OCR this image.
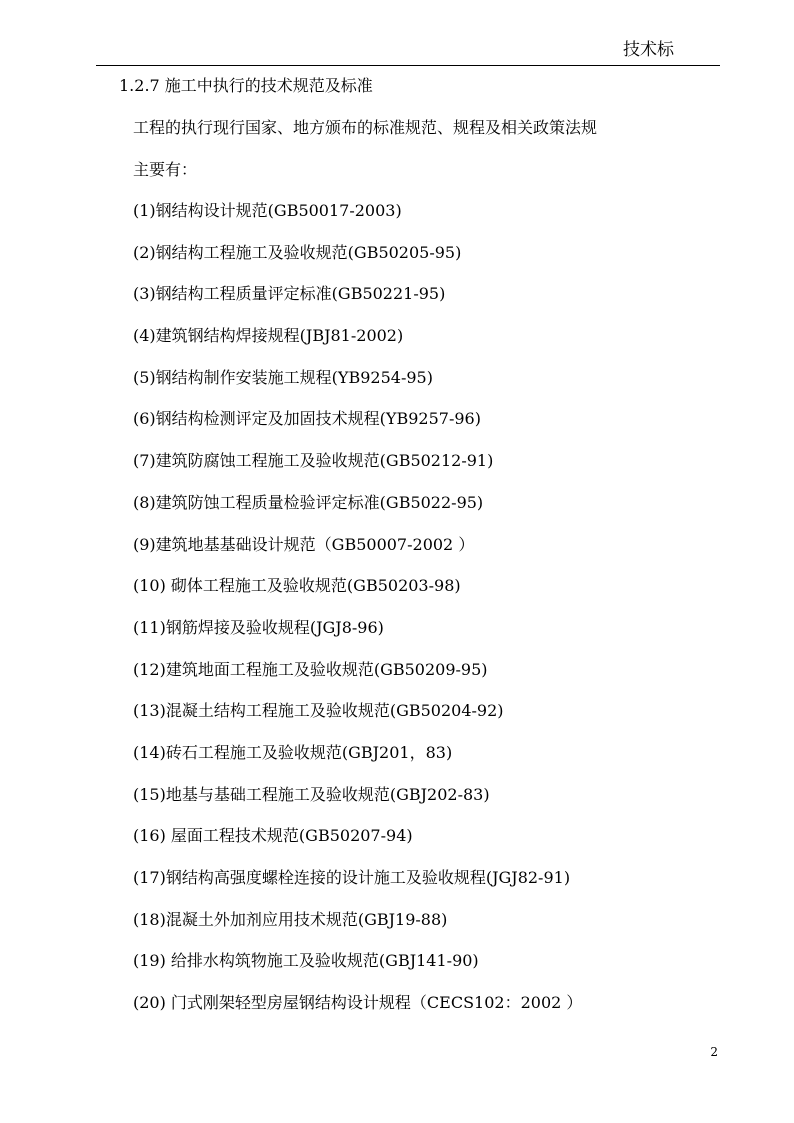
技术标
1.2.7 施工中执行的技术规范及标准
工程的执行现行国家、地方颁布的标准规范、规程及相关政策法规
主要有：
(1)钢结构设计规范(GB50017-2003)
(2)钢结构工程施工及验收规范(GB50205-95)
(3)钢结构工程质量评定标准(GB50221-95)
(4)建筑钢结构焊接规程(JBJ81-2002)
(5)钢结构制作安装施工规程(YB9254-95)
(6)钢结构检测评定及加固技术规程(YB9257-96)
(7)建筑防腐蚀工程施工及验收规范(GB50212-91)
(8)建筑防蚀工程质量检验评定标准(GB5022-95)
(9)建筑地基基础设计规范（GB50007-2002 ）
(10) 砌体工程施工及验收规范(GB50203-98)
(11)钢筋焊接及验收规程(JGJ8-96)
(12)建筑地面工程施工及验收规范(GB50209-95)
(13)混凝土结构工程施工及验收规范(GB50204-92)
(14)砖石工程施工及验收规范(GBJ201，83)
(15)地基与基础工程施工及验收规范(GBJ202-83)
(16) 屋面工程技术规范(GB50207-94)
(17)钢结构高强度螺栓连接的设计施工及验收规程(JGJ82-91)
(18)混凝土外加剂应用技术规范(GBJ19-88)
(19) 给排水构筑物施工及验收规范(GBJ141-90)
(20) 门式刚架轻型房屋钢结构设计规程（CECS102：2002 ）
2
